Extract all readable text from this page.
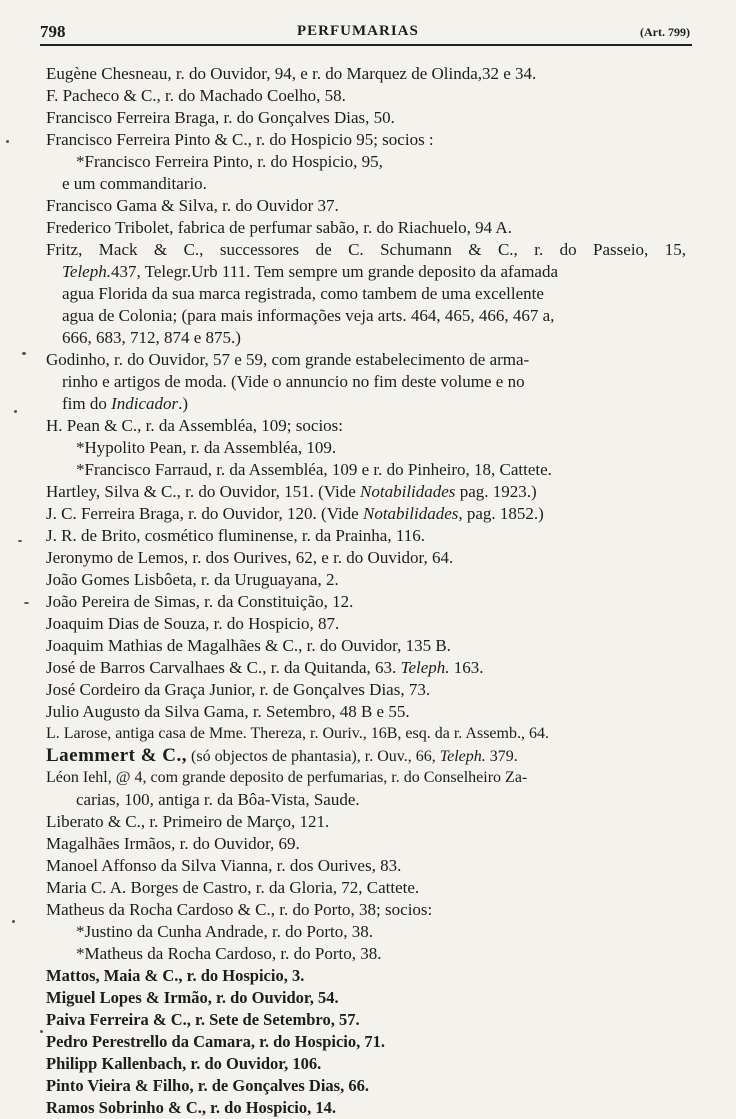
798	PERFUMARIAS	(Art. 799)
Eugène Chesneau, r. do Ouvidor, 94, e r. do Marquez de Olinda,32 e 34.
F. Pacheco & C., r. do Machado Coelho, 58.
Francisco Ferreira Braga, r. do Gonçalves Dias, 50.
Francisco Ferreira Pinto & C., r. do Hospicio 95; socios :
*Francisco Ferreira Pinto, r. do Hospicio, 95,
e um commanditario.
Francisco Gama & Silva, r. do Ouvidor 37.
Frederico Tribolet, fabrica de perfumar sabão, r. do Riachuelo, 94 A.
Fritz, Mack & C., successores de C. Schumann & C., r. do Passeio, 15,
Teleph.437, Telegr.Urb 111. Tem sempre um grande deposito da afamada
agua Florida da sua marca registrada, como tambem de uma excellente
agua de Colonia; (para mais informações veja arts. 464, 465, 466, 467 a,
666, 683, 712, 874 e 875.)
Godinho, r. do Ouvidor, 57 e 59, com grande estabelecimento de arma-
rinho e artigos de moda. (Vide o annuncio no fim deste volume e no
fim do Indicador.)
H. Pean & C., r. da Assembléa, 109; socios:
*Hypolito Pean, r. da Assembléa, 109.
*Francisco Farraud, r. da Assembléa, 109 e r. do Pinheiro, 18, Cattete.
Hartley, Silva & C., r. do Ouvidor, 151. (Vide Notabilidades pag. 1923.)
J. C. Ferreira Braga, r. do Ouvidor, 120. (Vide Notabilidades, pag. 1852.)
J. R. de Brito, cosmético fluminense, r. da Prainha, 116.
Jeronymo de Lemos, r. dos Ourives, 62, e r. do Ouvidor, 64.
João Gomes Lisbôeta, r. da Uruguayana, 2.
João Pereira de Simas, r. da Constituição, 12.
Joaquim Dias de Souza, r. do Hospicio, 87.
Joaquim Mathias de Magalhães & C., r. do Ouvidor, 135 B.
José de Barros Carvalhaes & C., r. da Quitanda, 63. Teleph. 163.
José Cordeiro da Graça Junior, r. de Gonçalves Dias, 73.
Julio Augusto da Silva Gama, r. Setembro, 48 B e 55.
L. Larose, antiga casa de Mme. Thereza, r. Ouriv., 16B, esq. da r. Assemb., 64.
Laemmert & C., (só objectos de phantasia), r. Ouv., 66, Teleph. 379.
Léon Iehl, @ 4, com grande deposito de perfumarias, r. do Conselheiro Za-
carias, 100, antiga r. da Bôa-Vista, Saude.
Liberato & C., r. Primeiro de Março, 121.
Magalhães Irmãos, r. do Ouvidor, 69.
Manoel Affonso da Silva Vianna, r. dos Ourives, 83.
Maria C. A. Borges de Castro, r. da Gloria, 72, Cattete.
Matheus da Rocha Cardoso & C., r. do Porto, 38; socios:
*Justino da Cunha Andrade, r. do Porto, 38.
*Matheus da Rocha Cardoso, r. do Porto, 38.
Mattos, Maia & C., r. do Hospicio, 3.
Miguel Lopes & Irmão, r. do Ouvidor, 54.
Paiva Ferreira & C., r. Sete de Setembro, 57.
Pedro Perestrello da Camara, r. do Hospicio, 71.
Philipp Kallenbach, r. do Ouvidor, 106.
Pinto Vieira & Filho, r. de Gonçalves Dias, 66.
Ramos Sobrinho & C., r. do Hospicio, 14.
